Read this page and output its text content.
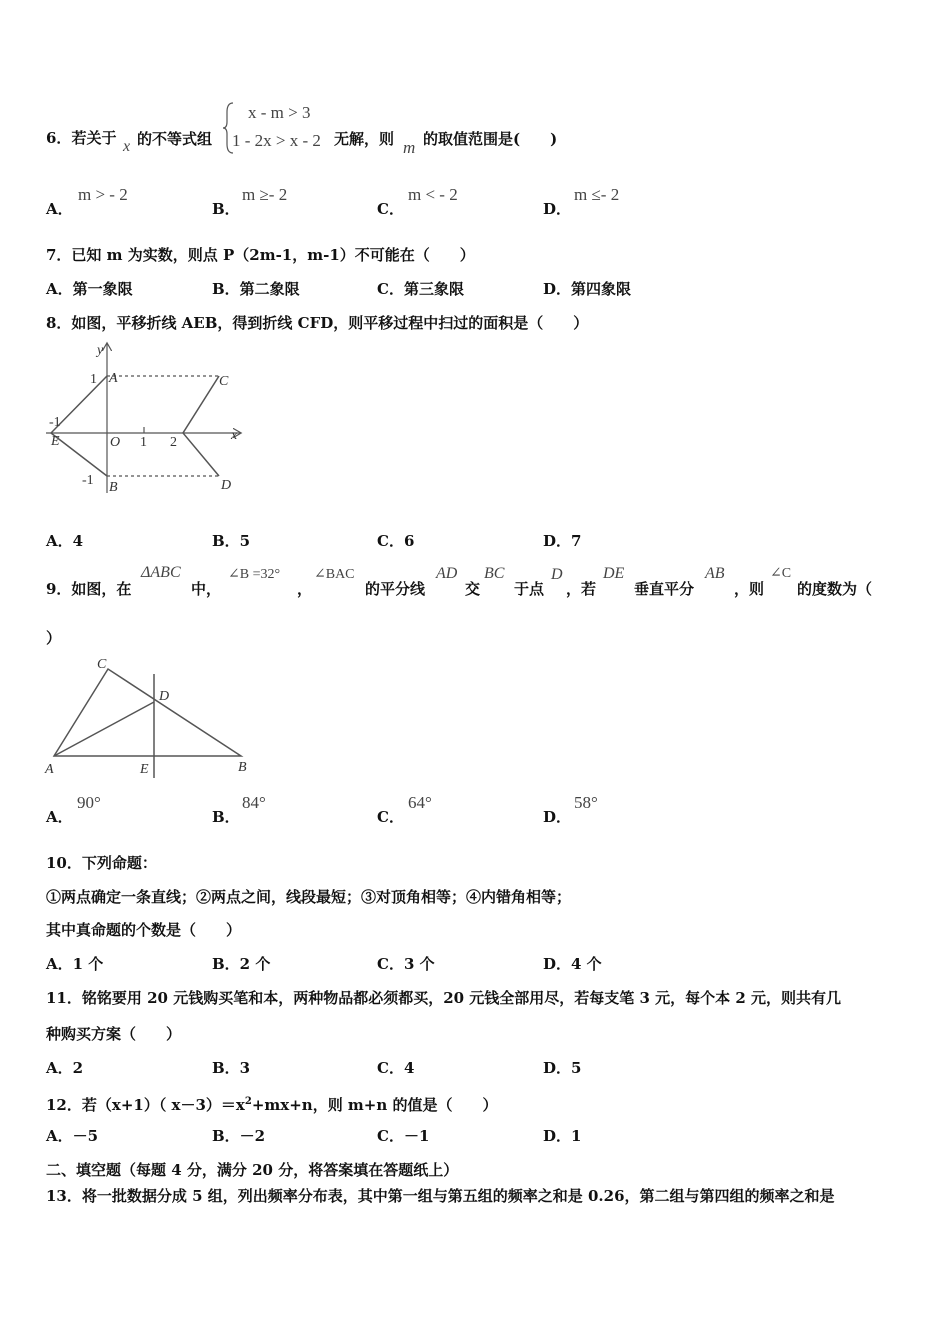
6．若关于 x 的不等式组
x - m > 3
1 - 2x > x - 2 无解，则 m 的取值范围是(　　)
A．
m > - 2
B．
m ≥- 2
C．
m < - 2
D．
m ≤- 2
7．已知 m 为实数，则点 P（2m-1，m-1）不可能在（　　）
A．第一象限	B．第二象限	C．第三象限	D．第四象限
8．如图，平移折线 AEB，得到折线 CFD，则平移过程中扫过的面积是（　　）
y
x
O 1 2
1
-1
-1
A
B
C
D
E
A．4	B．5	C．6	D．7
9．如图，在
ΔABC
中，
∠B =32°
，
∠BAC
的平分线
AD
交
BC
于点
D
，若
DE
垂直平分
AB
，则
∠C
的度数为（
）
C
D
A	E	B
A．
90°
B．
84°
C．
64°
D．
58°
10．下列命题：
①两点确定一条直线；②两点之间，线段最短；③对顶角相等；④内错角相等；
其中真命题的个数是（　　）
A．1 个	B．2 个	C．3 个	D．4 个
11．铭铭要用 20 元钱购买笔和本，两种物品都必须都买，20 元钱全部用尽，若每支笔 3 元，每个本 2 元，则共有几
种购买方案（　　）
A．2	B．3	C．4	D．5
12．若（x+1）（ $x-3)=x^2+mx+n$，则 m+n 的值是（　　）
A．－5	B．－2	C．－1	D．1
二、填空题（每题 4 分，满分 20 分，将答案填在答题纸上）
13．将一批数据分成 5 组，列出频率分布表，其中第一组与第五组的频率之和是 0.26，第二组与第四组的频率之和是
